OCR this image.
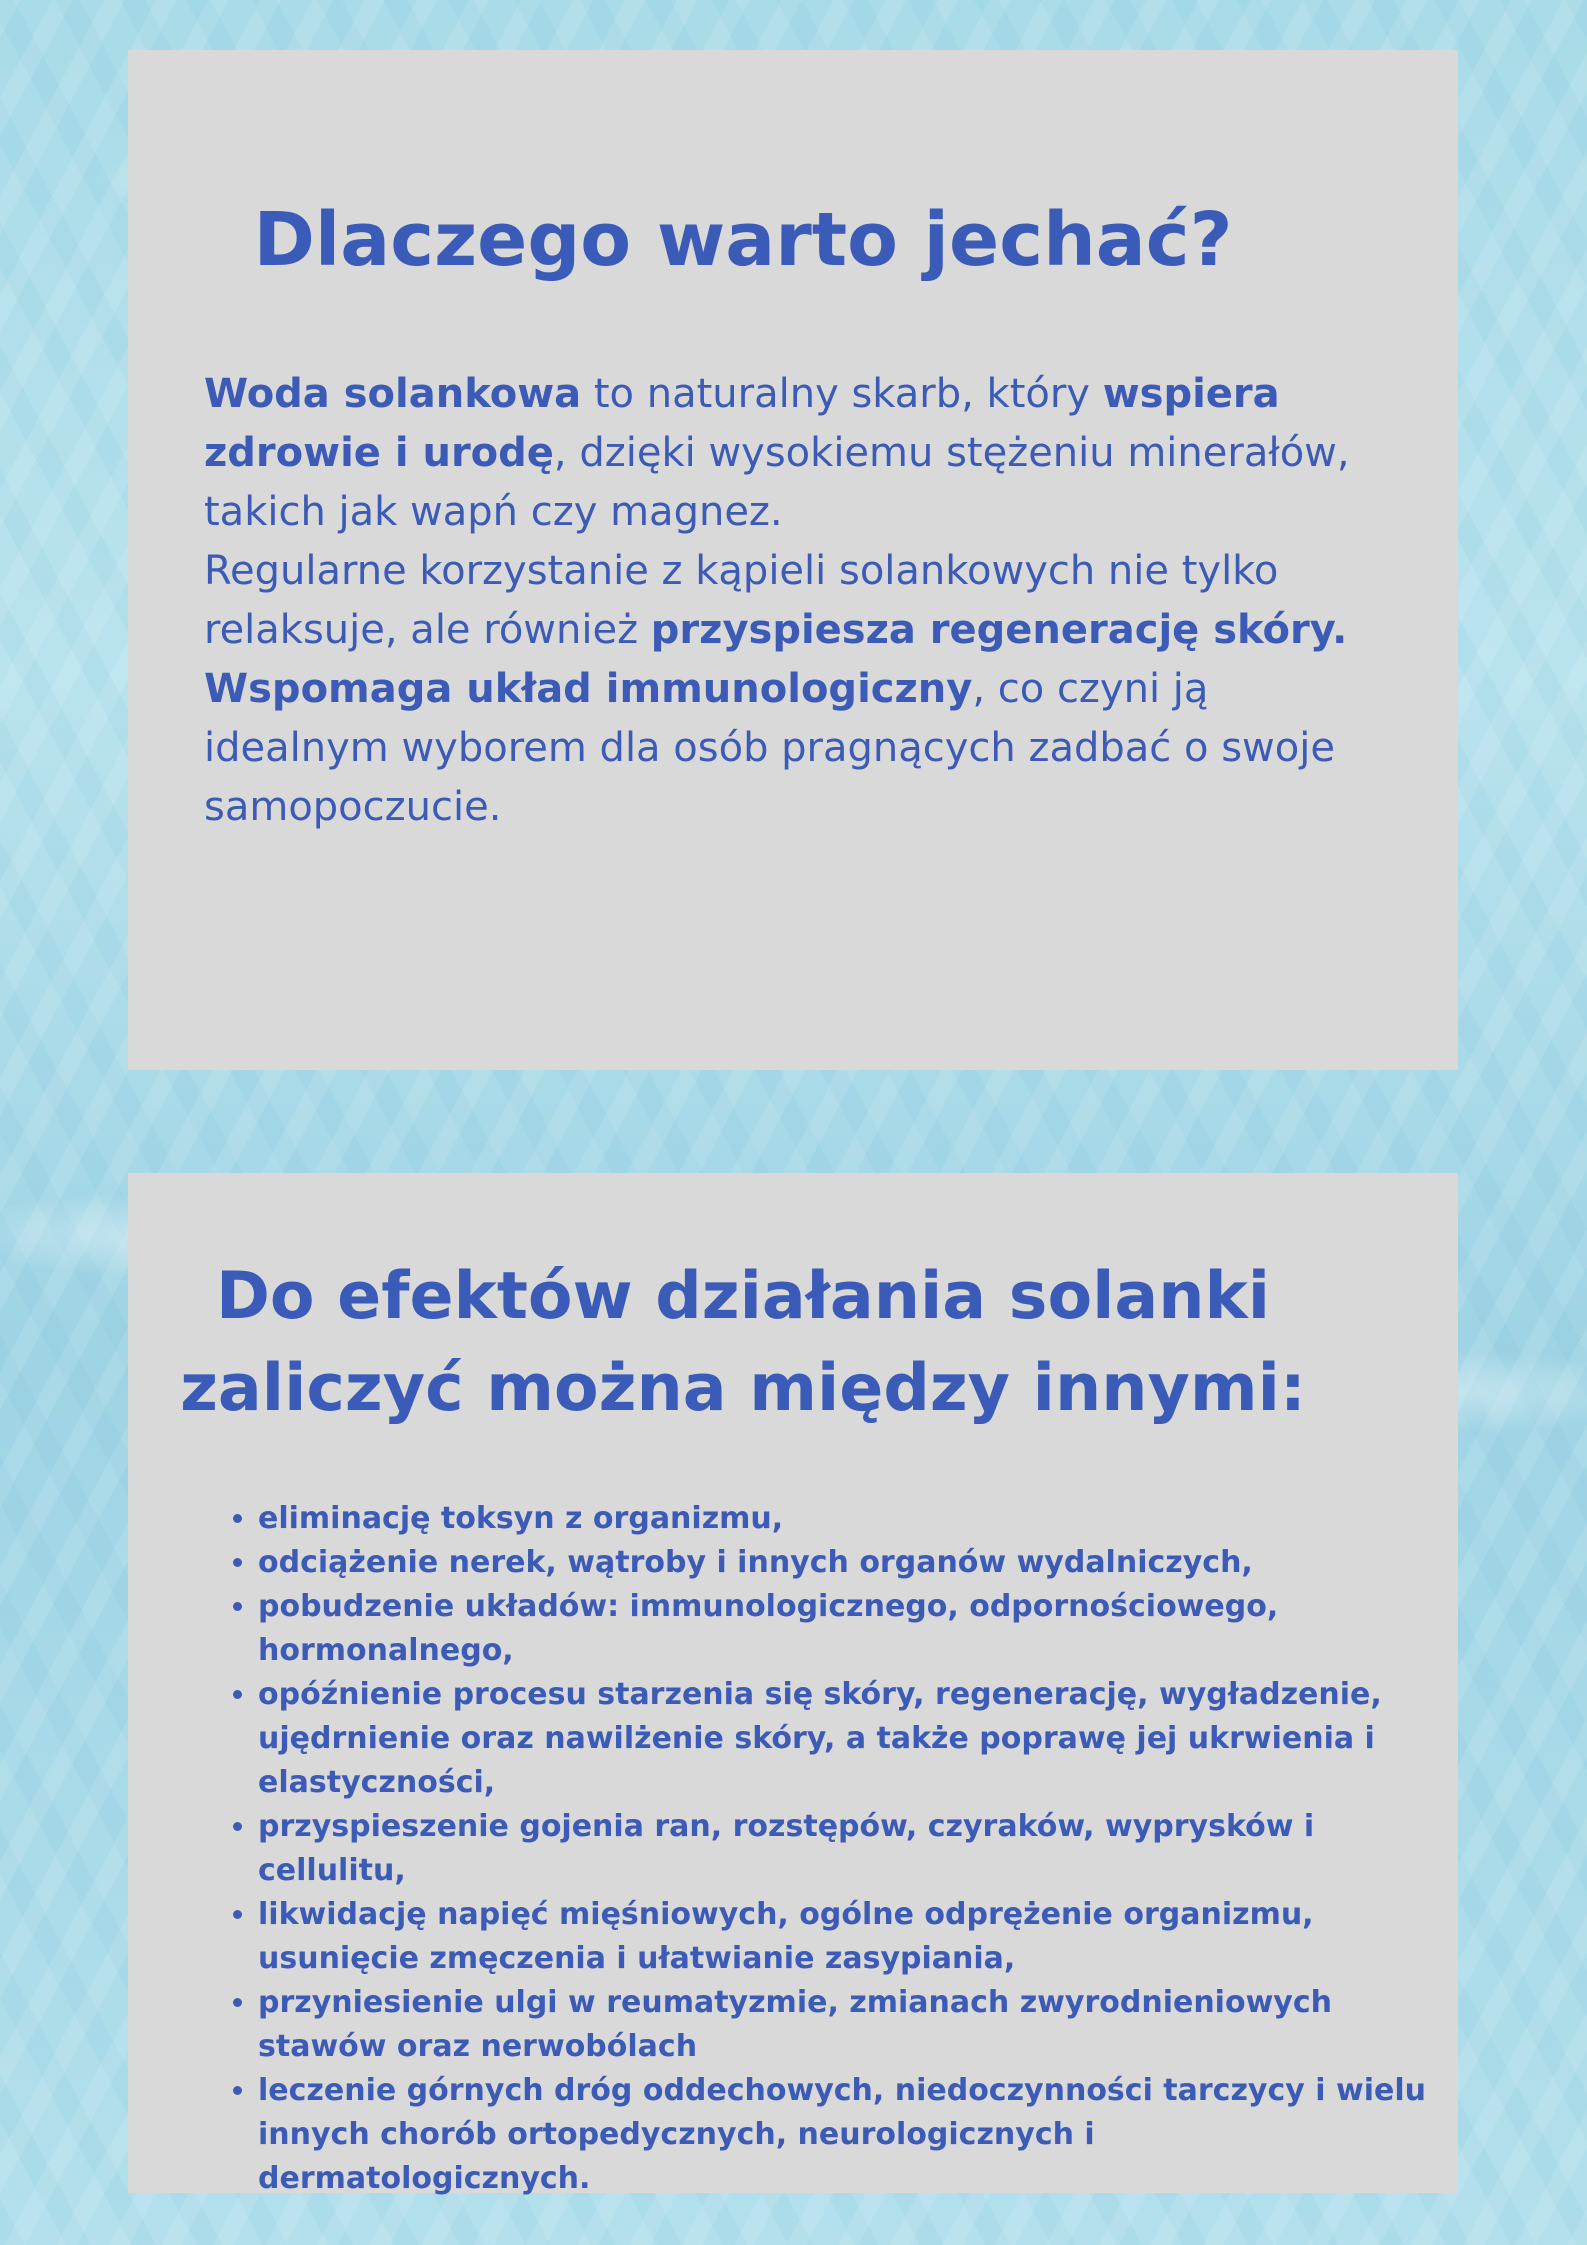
Dlaczego warto jechać?

Woda solankowa to naturalny skarb, który wspiera zdrowie i urodę, dzięki wysokiemu stężeniu minerałów, takich jak wapń czy magnez.
Regularne korzystanie z kąpieli solankowych nie tylko relaksuje, ale również przyspiesza regenerację skóry.
Wspomaga układ immunologiczny, co czyni ją idealnym wyborem dla osób pragnących zadbać o swoje samopoczucie.

Do efektów działania solanki
zaliczyć można między innymi:
• eliminację toksyn z organizmu,
• odciążenie nerek, wątroby i innych organów wydalniczych,
• pobudzenie układów: immunologicznego, odpornościowego, hormonalnego,
• opóźnienie procesu starzenia się skóry, regenerację, wygładzenie, ujędrnienie oraz nawilżenie skóry, a także poprawę jej ukrwienia i elastyczności,
• przyspieszenie gojenia ran, rozstępów, czyraków, wyprysków i cellulitu,
• likwidację napięć mięśniowych, ogólne odprężenie organizmu, usunięcie zmęczenia i ułatwianie zasypiania,
• przyniesienie ulgi w reumatyzmie, zmianach zwyrodnieniowych stawów oraz nerwobólach
• leczenie górnych dróg oddechowych, niedoczynności tarczycy i wielu innych chorób ortopedycznych, neurologicznych i dermatologicznych.
